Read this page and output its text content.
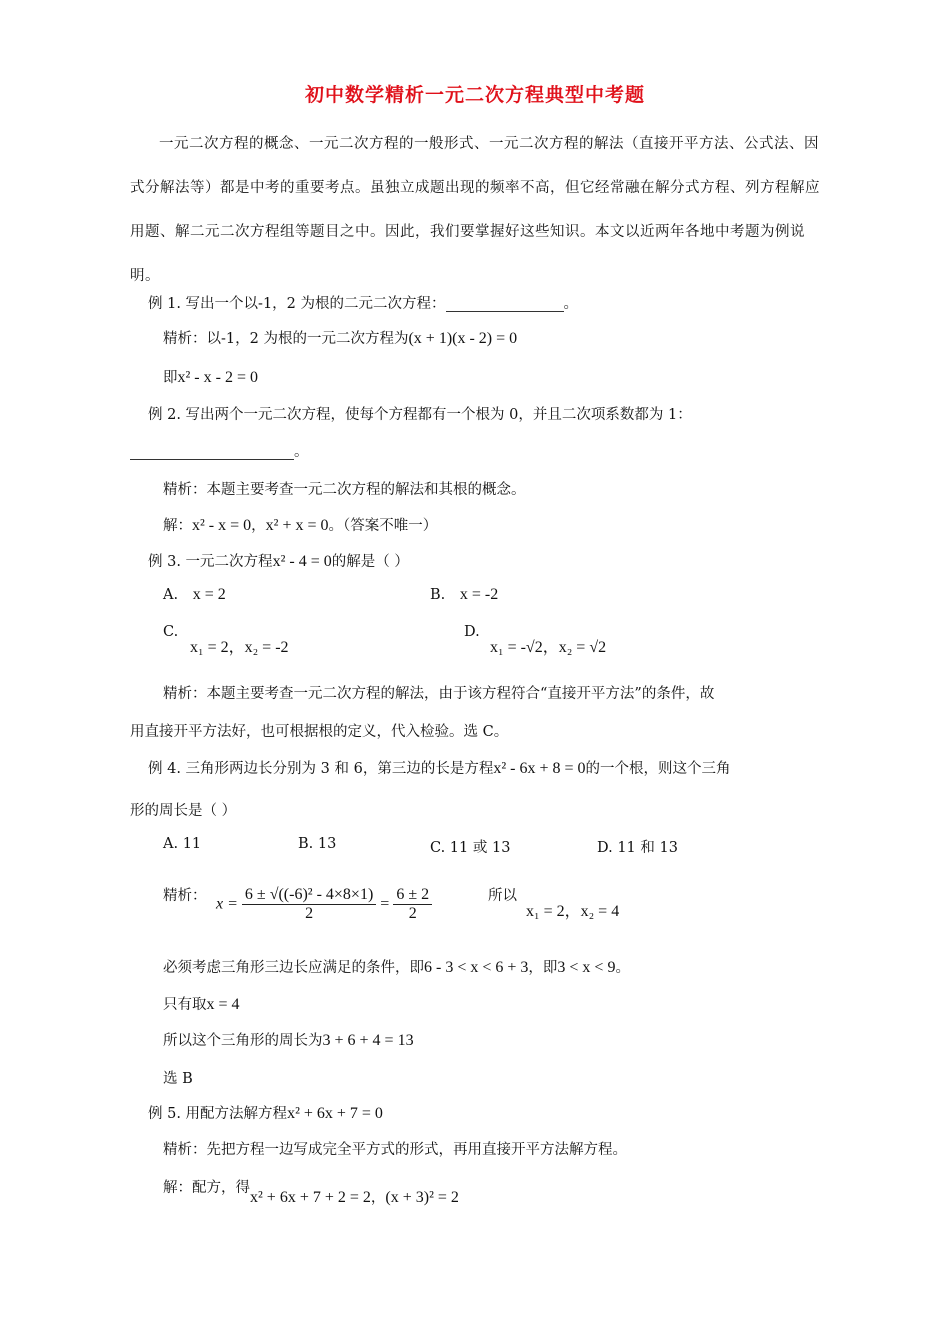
初中数学精析一元二次方程典型中考题
一元二次方程的概念、一元二次方程的一般形式、一元二次方程的解法（直接开平方法、公式法、因式分解法等）都是中考的重要考点。虽独立成题出现的频率不高，但它经常融在解分式方程、列方程解应用题、解二元二次方程组等题目之中。因此，我们要掌握好这些知识。本文以近两年各地中考题为例说明。
例 1. 写出一个以-1，2 为根的二元二次方程：	。
精析：以-1，2 为根的一元二次方程为(x + 1)(x - 2) = 0
即x² - x - 2 = 0
例 2. 写出两个一元二次方程，使每个方程都有一个根为 0，并且二次项系数都为 1：
。
精析：本题主要考查一元二次方程的解法和其根的概念。
解：x² - x = 0，x² + x = 0。（答案不唯一）
例 3. 一元二次方程x² - 4 = 0的解是（ ）
A. x = 2	B. x = -2
C.
x₁ = 2，x₂ = -2
D.
x₁ = -√2，x₂ = √2
精析：本题主要考查一元二次方程的解法，由于该方程符合“直接开平方法”的条件，故
用直接开平方法好，也可根据根的定义，代入检验。选 C。
例 4. 三角形两边长分别为 3 和 6，第三边的长是方程x² - 6x + 8 = 0的一个根，则这个三角
形的周长是（ ）
A. 11	B. 13	C. 11 或 13	D. 11 和 13
精析： $x = \frac{\text{6 ± √((-6)² - 4×8×1)}}{2} = \frac{6 \pm 2}{2}$	所以
x₁ = 2，x₂ = 4
必须考虑三角形三边长应满足的条件，即6 - 3 < x < 6 + 3，即3 < x < 9。
只有取x = 4
所以这个三角形的周长为3 + 6 + 4 = 13
选 B
例 5. 用配方法解方程x² + 6x + 7 = 0
精析：先把方程一边写成完全平方式的形式，再用直接开平方法解方程。
解：配方，得x² + 6x + 7 + 2 = 2，(x + 3)² = 2
